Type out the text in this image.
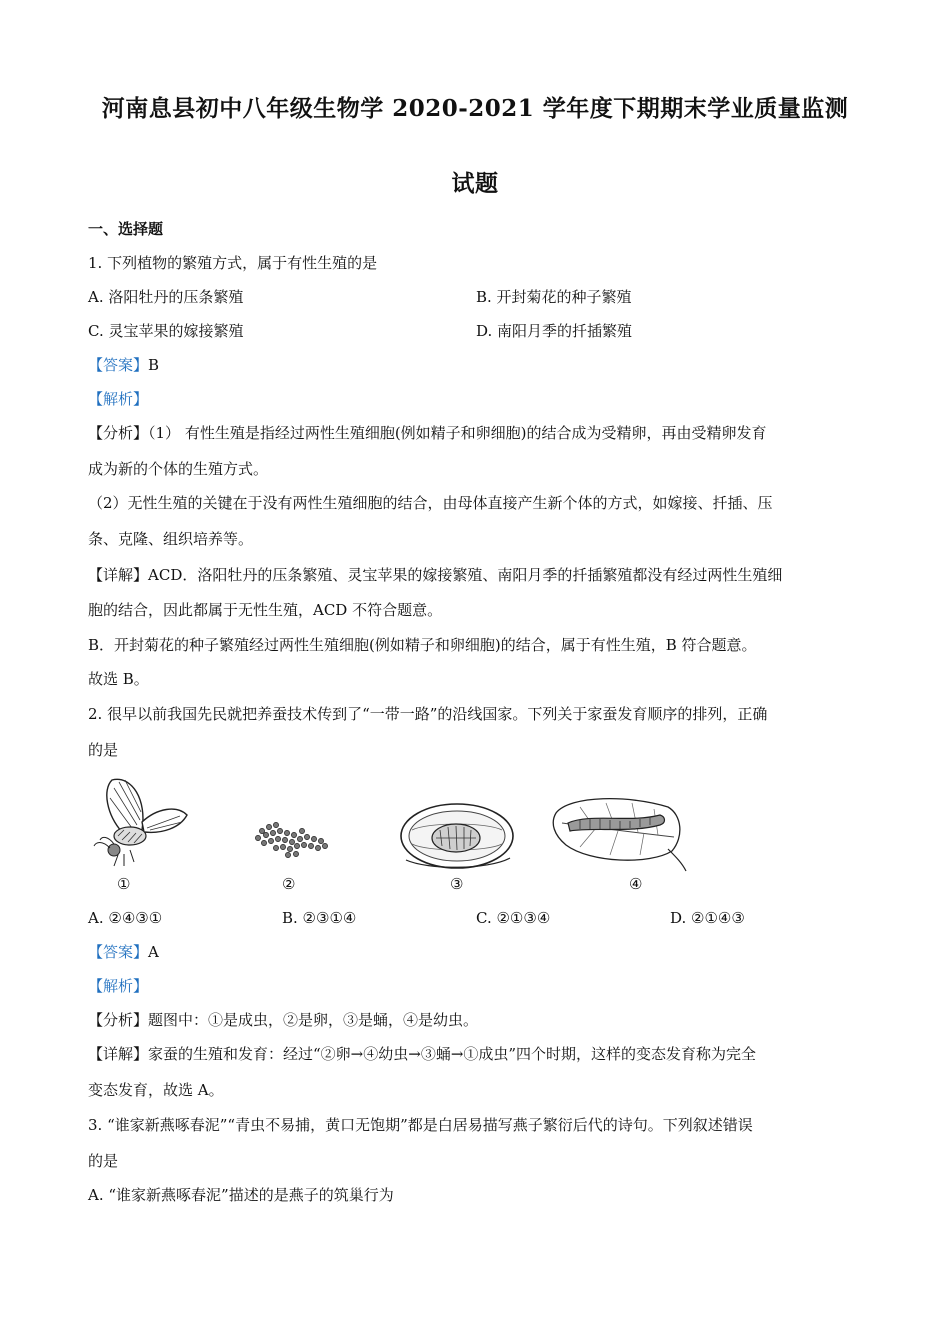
河南息县初中八年级生物学 2020-2021 学年度下期期末学业质量监测
试题
一、选择题
1. 下列植物的繁殖方式，属于有性生殖的是
A. 洛阳牡丹的压条繁殖	B. 开封菊花的种子繁殖
C. 灵宝苹果的嫁接繁殖	D. 南阳月季的扦插繁殖
【答案】B
【解析】
【分析】（1） 有性生殖是指经过两性生殖细胞(例如精子和卵细胞)的结合成为受精卵，再由受精卵发育
成为新的个体的生殖方式。
（2）无性生殖的关键在于没有两性生殖细胞的结合，由母体直接产生新个体的方式，如嫁接、扦插、压
条、克隆、组织培养等。
【详解】ACD．洛阳牡丹的压条繁殖、灵宝苹果的嫁接繁殖、南阳月季的扦插繁殖都没有经过两性生殖细
胞的结合，因此都属于无性生殖，ACD 不符合题意。
B．开封菊花的种子繁殖经过两性生殖细胞(例如精子和卵细胞)的结合，属于有性生殖，B 符合题意。
故选 B。
2. 很早以前我国先民就把养蚕技术传到了“一带一路”的沿线国家。下列关于家蚕发育顺序的排列，正确
的是
①	②	③	④
A. ②④③①	B. ②③①④	C. ②①③④	D. ②①④③
【答案】A
【解析】
【分析】题图中：①是成虫，②是卵，③是蛹，④是幼虫。
【详解】家蚕的生殖和发育：经过“②卵→④幼虫→③蛹→①成虫”四个时期，这样的变态发育称为完全
变态发育，故选 A。
3. “谁家新燕啄春泥”“青虫不易捕，黄口无饱期”都是白居易描写燕子繁衍后代的诗句。下列叙述错误
的是
A. “谁家新燕啄春泥”描述的是燕子的筑巢行为
